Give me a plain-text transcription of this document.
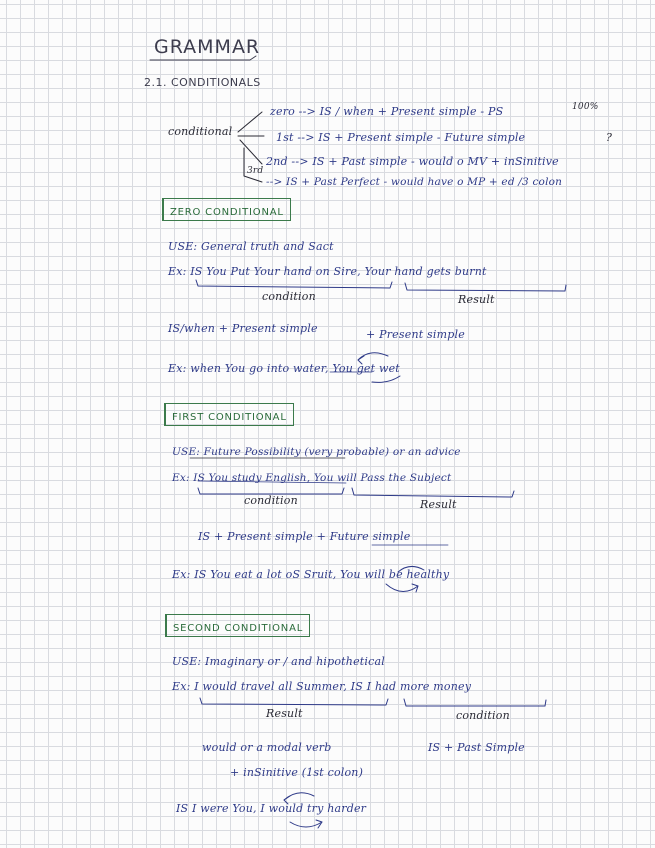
GRAMMAR
2.1. CONDITIONALS
conditional
zero --> IS / when + Present simple - PS	100%
1st --> IS + Present simple - Future simple	?
2nd --> IS + Past simple - would o MV + inSinitive
3rd
--> IS + Past Perfect - would have o MP + ed /3 colon
ZERO CONDITIONAL
USE: General truth and Sact
Ex: IS You Put Your hand on Sire, Your hand gets burnt
condition	Result
IS/when + Present simple	+ Present simple
Ex: when You go into water, You get wet
FIRST CONDITIONAL
USE: Future Possibility (very probable) or an advice
Ex: IS You study English, You will Pass the Subject
condition	Result
IS + Present simple + Future simple
Ex: IS You eat a lot oS Sruit, You will be healthy
SECOND CONDITIONAL
USE: Imaginary or / and hipothetical
Ex: I would travel all Summer, IS I had more money
Result	condition
would or a modal verb	IS + Past Simple
+ inSinitive (1st colon)
IS I were You, I would try harder
